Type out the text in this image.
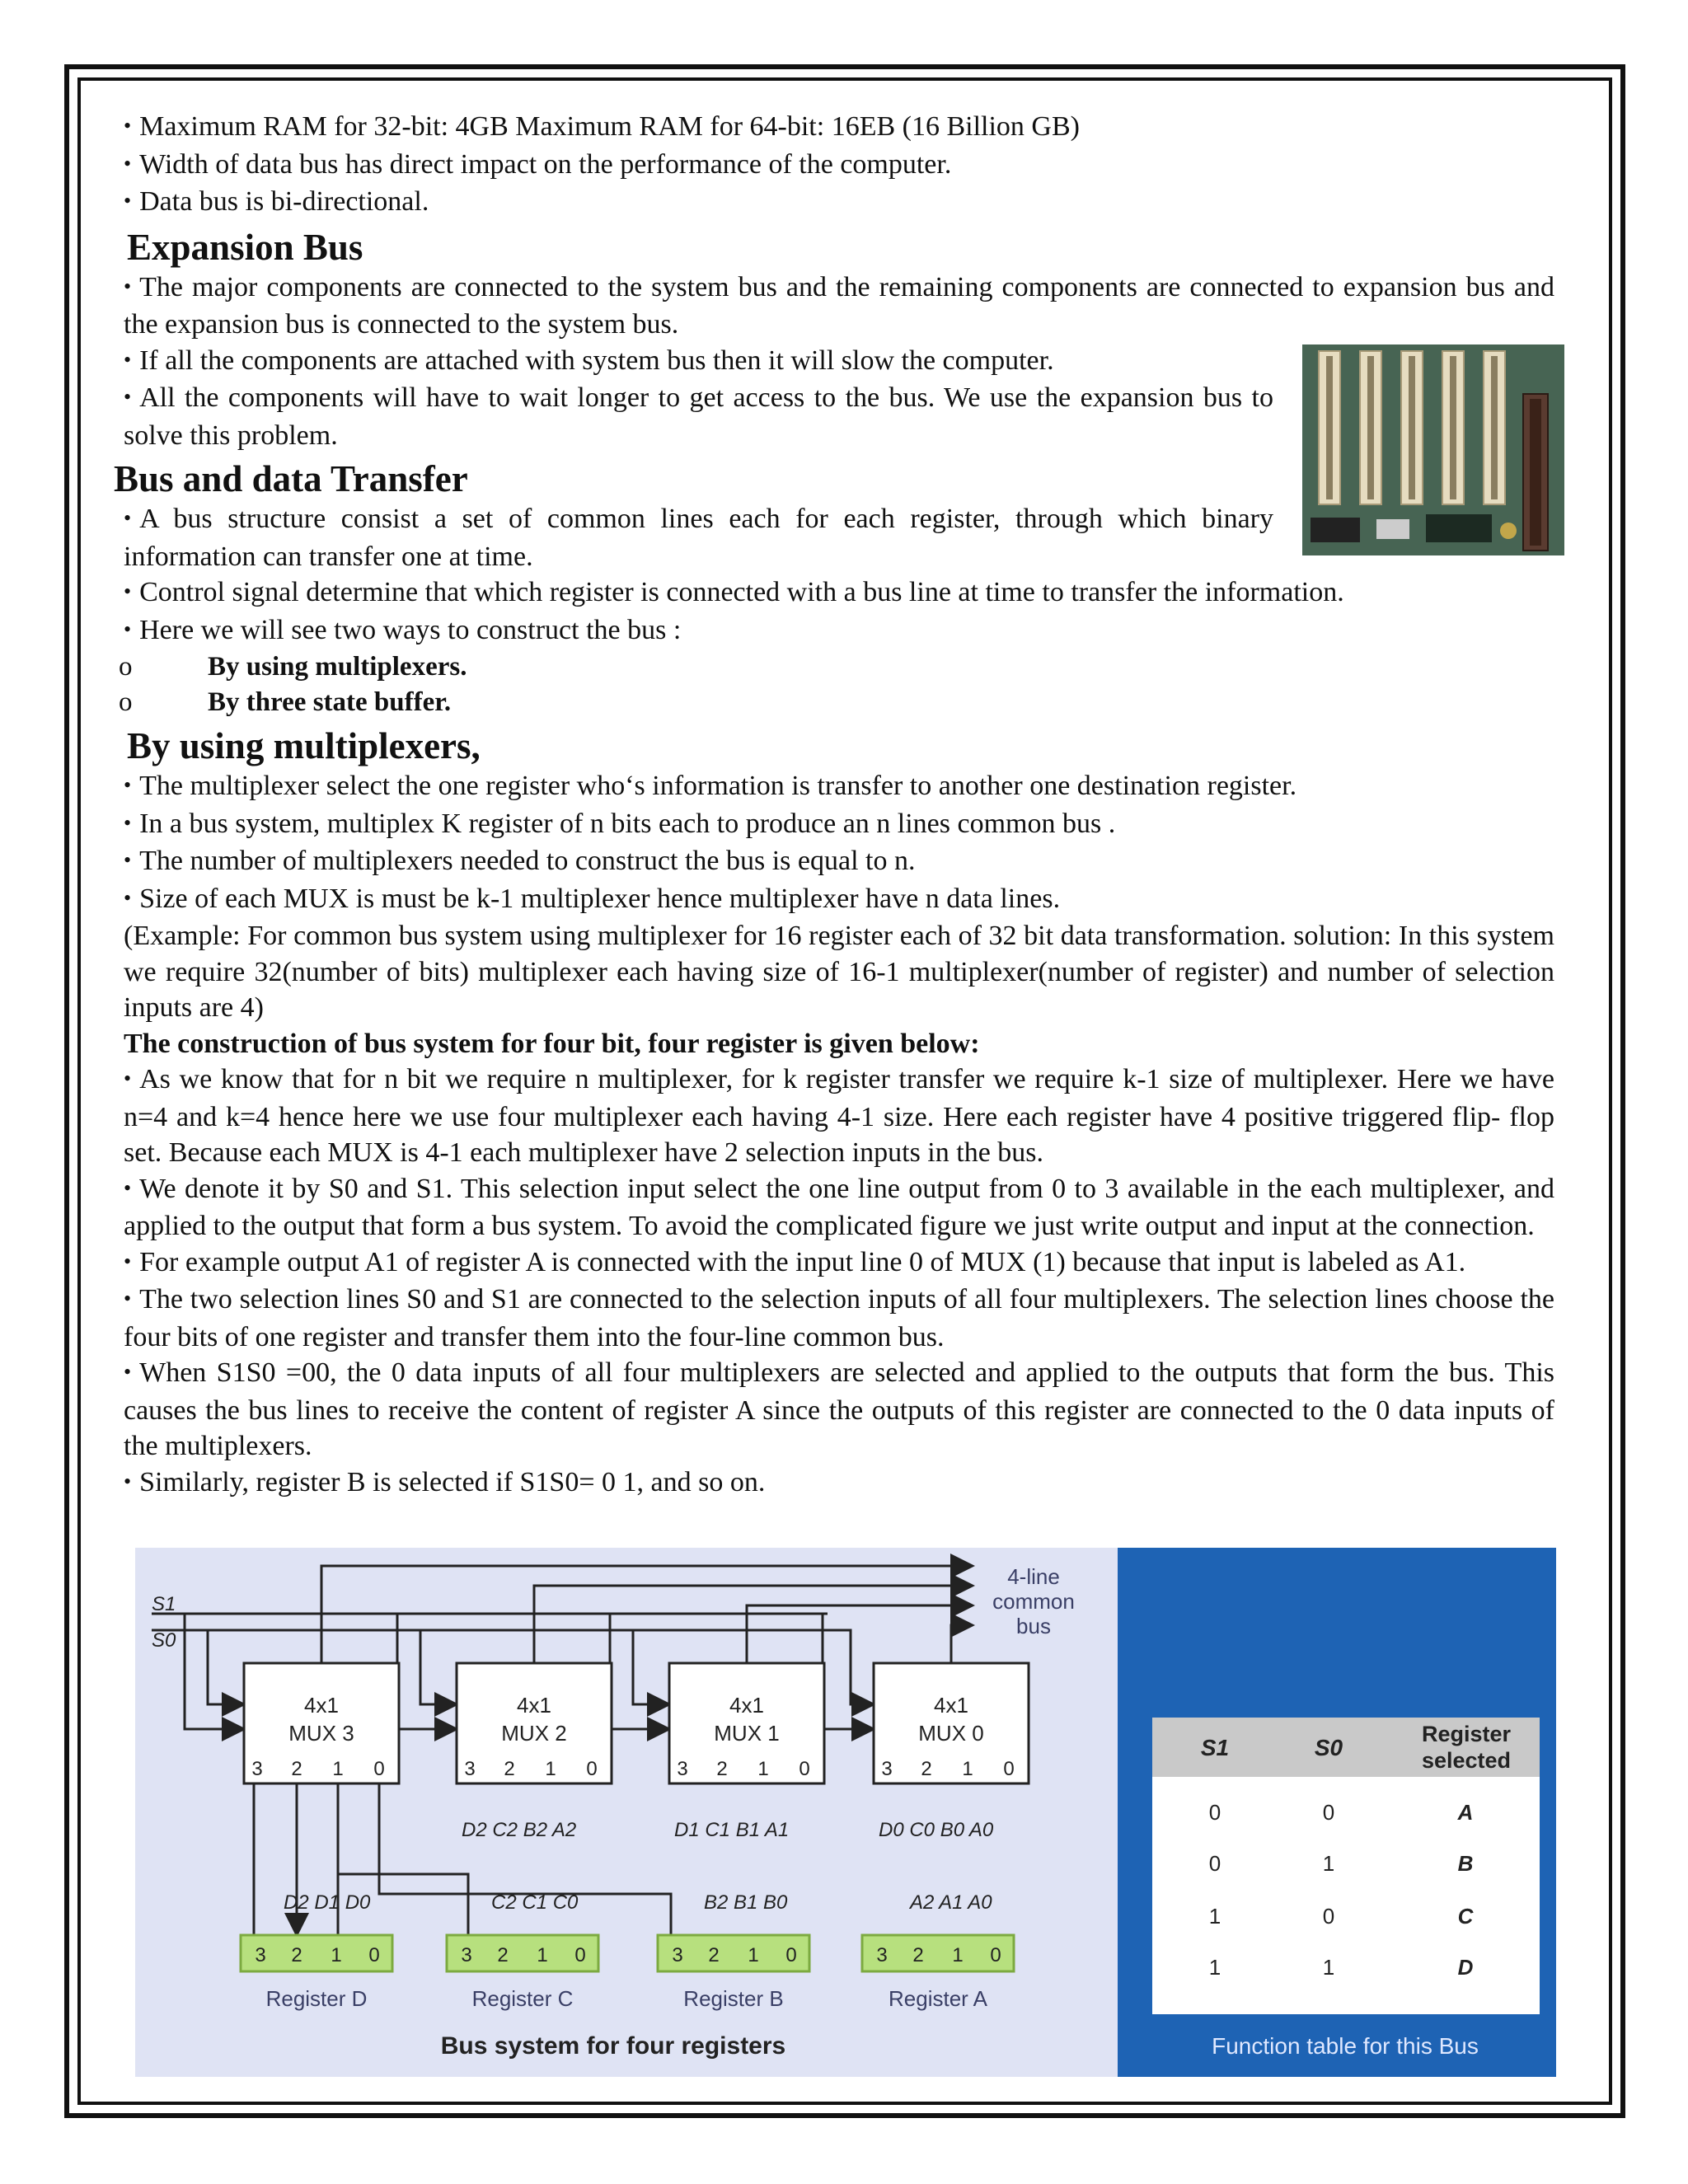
• Maximum RAM for 32-bit: 4GB Maximum RAM for 64-bit: 16EB (16 Billion GB)

• Width of data bus has direct impact on the performance of the computer.

• Data bus is bi-directional.

Expansion Bus

• The major components are connected to the system bus and the remaining components are connected to expansion bus and the expansion bus is connected to the system bus.

• If all the components are attached with system bus then it will slow the computer.

• All the components will have to wait longer to get access to the bus. We use the expansion bus to solve this problem.

Bus and data Transfer

• A bus structure consist a set of common lines each for each register, through which binary information can transfer one at time.

• Control signal determine that which register is connected with a bus line at time to transfer the information.

• Here we will see two ways to construct the bus :

o	By using multiplexers.
o	By three state buffer.
By using multiplexers,

• The multiplexer select the one register who‘s information is transfer to another one destination register.

• In a bus system, multiplex K register of n bits each to produce an n lines common bus .

• The number of multiplexers needed to construct the bus is equal to n.

• Size of each MUX is must be k-1 multiplexer hence multiplexer have n data lines.

(Example: For common bus system using multiplexer for 16 register each of 32 bit data transformation. solution: In this system we require 32(number of bits) multiplexer each having size of 16-1 multiplexer(number of register) and number of selection inputs are 4)

The construction of bus system for four bit, four register is given below:

• As we know that for n bit we require n multiplexer, for k register transfer we require k-1 size of multiplexer. Here we have n=4 and k=4 hence here we use four multiplexer each having 4-1 size. Here each register have 4 positive triggered flip- flop set. Because each MUX is 4-1 each multiplexer have 2 selection inputs in the bus.

• We denote it by S0 and S1. This selection input select the one line output from 0 to 3 available in the each multiplexer, and applied to the output that form a bus system. To avoid the complicated figure we just write output and input at the connection.

• For example output A1 of register A is connected with the input line 0 of MUX (1) because that input is labeled as A1.

• The two selection lines S0 and S1 are connected to the selection inputs of all four multiplexers. The selection lines choose the four bits of one register and transfer them into the four-line common bus.

• When S1S0 =00, the 0 data inputs of all four multiplexers are selected and applied to the outputs that form the bus. This causes the bus lines to receive the content of register A since the outputs of this register are connected to the 0 data inputs of the multiplexers.

• Similarly, register B is selected if S1S0= 0 1, and so on.

4x1
MUX 3
4x1
MUX 2
4x1
MUX 1
4x1
MUX 0
3 2 1 0	3 2 1 0	3 2 1 0	3 2 1 0
S1
S0
D2 C2 B2 A2	D1 C1 B1 A1	D0 C0 B0 A0
D2 D1 D0	C2 C1 C0	B2 B1 B0	A2 A1 A0
4-line
common
bus
3 2 1 0	3 2 1 0	3 2 1 0	3 2 1 0
Register D	Register C	Register B	Register A
Bus system for four registers
S1	S0
Register selected
0	0	A
0	1	B
1	0	C
1	1	D
Function table for this Bus
